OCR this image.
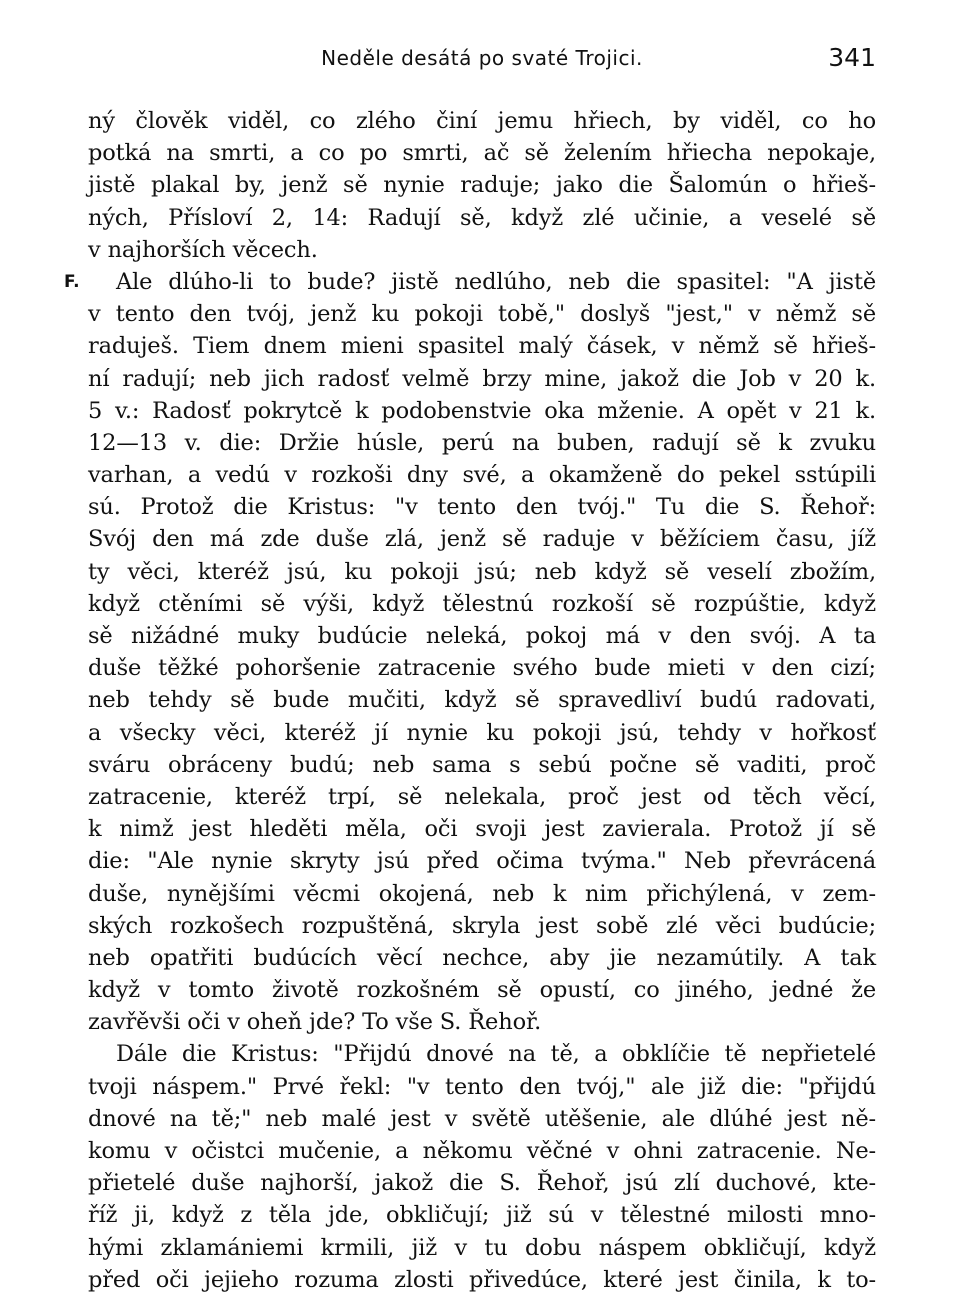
Neděle desátá po svaté Trojici.	341
ný člověk viděl, co zlého činí jemu hřiech, by viděl, co ho
potká na smrti, a co po smrti, ač sě želením hřiecha nepokaje,
jistě plakal by, jenž sě nynie raduje; jako die Šalomún o hřieš-
ných, Přísloví 2, 14: Radují sě, když zlé učinie, a veselé sě
v najhorších věcech.
F.	Ale dlúho-li to bude? jistě nedlúho, neb die spasitel: "A jistě
v tento den tvój, jenž ku pokoji tobě," doslyš "jest," v němž sě
raduješ. Tiem dnem mieni spasitel malý čásek, v němž sě hřieš-
ní radují; neb jich radosť velmě brzy mine, jakož die Job v 20 k.
5 v.: Radosť pokrytcě k podobenstvie oka mženie. A opět v 21 k.
12—13 v. die: Držie húsle, perú na buben, radují sě k zvuku
varhan, a vedú v rozkoši dny své, a okamženě do pekel sstúpili
sú. Protož die Kristus: "v tento den tvój." Tu die S. Řehoř:
Svój den má zde duše zlá, jenž sě raduje v běžíciem času, jíž
ty věci, kteréž jsú, ku pokoji jsú; neb když sě veselí zbožím,
když ctěními sě výši, když tělestnú rozkoší sě rozpúštie, když
sě nižádné muky budúcie neleká, pokoj má v den svój. A ta
duše těžké pohoršenie zatracenie svého bude mieti v den cizí;
neb tehdy sě bude mučiti, když sě spravedliví budú radovati,
a všecky věci, kteréž jí nynie ku pokoji jsú, tehdy v hořkosť
sváru obráceny budú; neb sama s sebú počne sě vaditi, proč
zatracenie, kteréž trpí, sě nelekala, proč jest od těch věcí,
k nimž jest hleděti měla, oči svoji jest zavierala. Protož jí sě
die: "Ale nynie skryty jsú před očima tvýma." Neb převrácená
duše, nynějšími věcmi okojená, neb k nim přichýlená, v zem-
ských rozkošech rozpuštěná, skryla jest sobě zlé věci budúcie;
neb opatřiti budúcích věcí nechce, aby jie nezamútily. A tak
když v tomto životě rozkošném sě opustí, co jiného, jedné že
zavřěvši oči v oheň jde? To vše S. Řehoř.
Dále die Kristus: "Přijdú dnové na tě, a obklíčie tě nepřietelé
tvoji náspem." Prvé řekl: "v tento den tvój," ale již die: "přijdú
dnové na tě;" neb malé jest v světě utěšenie, ale dlúhé jest ně-
komu v očistci mučenie, a někomu věčné v ohni zatracenie. Ne-
přietelé duše najhorší, jakož die S. Řehoř, jsú zlí duchové, kte-
říž ji, když z těla jde, obkličují; již sú v tělestné milosti mno-
hými zklamániemi krmili, již v tu dobu náspem obkličují, když
před oči jejieho rozuma zlosti přivedúce, které jest činila, k to-
